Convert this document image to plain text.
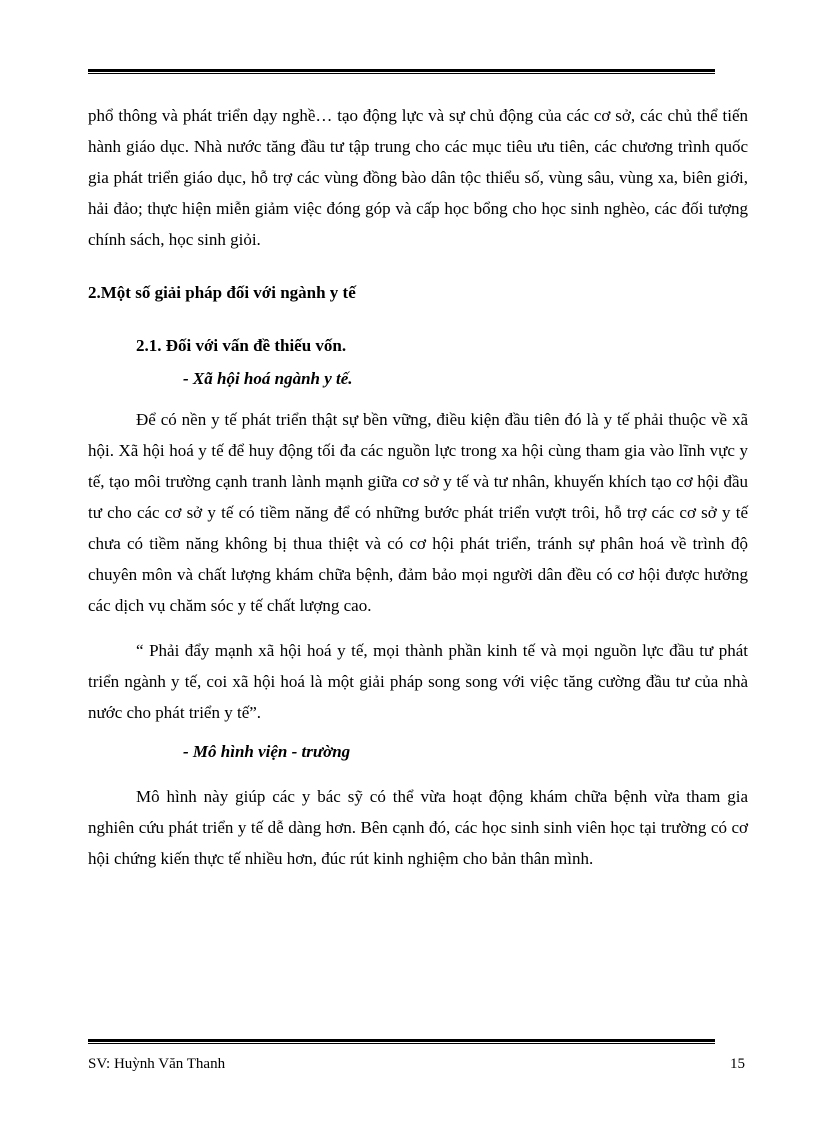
phổ thông và phát triển dạy nghề… tạo động lực và sự chủ động của các cơ sở, các chủ thể tiến hành giáo dục. Nhà nước tăng đầu tư tập trung cho các mục tiêu ưu tiên, các chương trình quốc gia phát triển giáo dục, hỗ trợ các vùng đồng bào dân tộc thiểu số, vùng sâu, vùng xa, biên giới, hải đảo; thực hiện miễn giảm việc đóng góp và cấp học bổng cho học sinh nghèo, các đối tượng chính sách, học sinh giỏi.

2.Một số giải pháp đối với ngành y tế

2.1. Đối với vấn đề thiếu vốn.

- Xã hội hoá ngành y tế.

Để có nền y tế phát triển thật sự bền vững, điều kiện đầu tiên đó là y tế phải thuộc về xã hội. Xã hội hoá y tế để huy động tối đa các nguồn lực trong xa hội cùng tham gia vào lĩnh vực y tế, tạo môi trường cạnh tranh lành mạnh giữa cơ sở y tế và tư nhân, khuyến khích tạo cơ hội đầu tư cho các cơ sở y tế có tiềm năng để có những bước phát triển vượt trôi, hỗ trợ các cơ sở y tế chưa có tiềm năng không bị thua thiệt và có cơ hội phát triển, tránh sự phân hoá về trình độ chuyên môn và chất lượng khám chữa bệnh, đảm bảo mọi người dân đều có cơ hội được hưởng các dịch vụ chăm sóc y tế chất lượng cao.

“ Phải đẩy mạnh xã hội hoá y tế, mọi thành phần kinh tế và mọi nguồn lực đầu tư phát triển ngành y tế, coi xã hội hoá là một giải pháp song song với việc tăng cường đầu tư của nhà nước cho phát triển y tế”.

- Mô hình viện - trường

Mô hình này giúp các y bác sỹ có thể vừa hoạt động khám chữa bệnh vừa tham gia nghiên cứu phát triển y tế dễ dàng hơn. Bên cạnh đó, các học sinh sinh viên học tại trường có cơ hội chứng kiến thực tế nhiều hơn, đúc rút kinh nghiệm cho bản thân mình.

SV: Huỳnh Văn Thanh	15
